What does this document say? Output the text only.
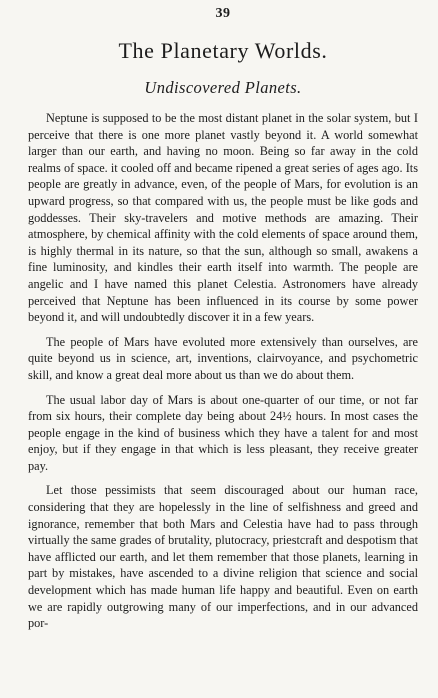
39
The Planetary Worlds.
Undiscovered Planets.

Neptune is supposed to be the most distant planet in the solar system, but I perceive that there is one more planet vastly beyond it. A world somewhat larger than our earth, and having no moon. Being so far away in the cold realms of space. it cooled off and became ripened a great series of ages ago. Its people are greatly in advance, even, of the people of Mars, for evolution is an upward progress, so that compared with us, the people must be like gods and goddesses. Their sky-travelers and motive methods are amazing. Their atmosphere, by chemical affinity with the cold elements of space around them, is highly thermal in its nature, so that the sun, although so small, awakens a fine luminosity, and kindles their earth itself into warmth. The people are angelic and I have named this planet Celestia. Astronomers have already perceived that Neptune has been influenced in its course by some power beyond it, and will undoubtedly discover it in a few years.

The people of Mars have evoluted more extensively than ourselves, are quite beyond us in science, art, inventions, clairvoyance, and psychometric skill, and know a great deal more about us than we do about them.

The usual labor day of Mars is about one-quarter of our time, or not far from six hours, their complete day being about 24½ hours. In most cases the people engage in the kind of business which they have a talent for and most enjoy, but if they engage in that which is less pleasant, they receive greater pay.

Let those pessimists that seem discouraged about our human race, considering that they are hopelessly in the line of selfishness and greed and ignorance, remember that both Mars and Celestia have had to pass through virtually the same grades of brutality, plutocracy, priestcraft and despotism that have afflicted our earth, and let them remember that those planets, learning in part by mistakes, have ascended to a divine religion that science and social development which has made human life happy and beautiful. Even on earth we are rapidly outgrowing many of our imperfections, and in our advanced por-
